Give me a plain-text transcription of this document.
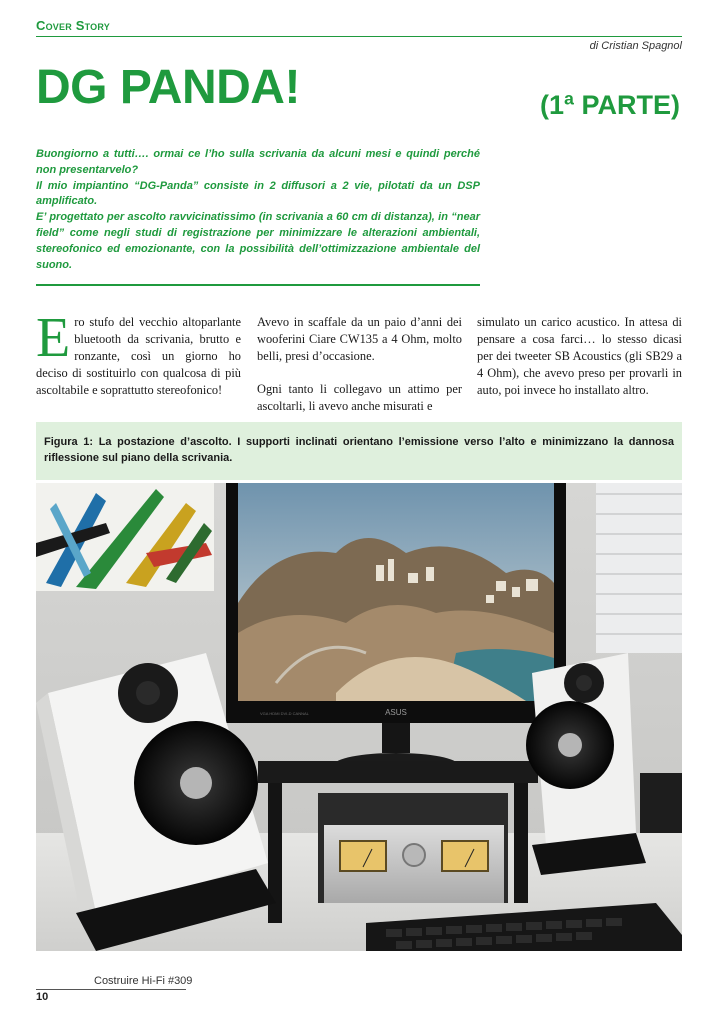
Cover Story
di Cristian Spagnol
DG PANDA!	(1ª PARTE)

Buongiorno a tutti…. ormai ce l’ho sulla scrivania da alcuni mesi e quindi perché non presentarvelo?

Il mio impiantino “DG-Panda” consiste in 2 diffusori a 2 vie, pilotati da un DSP amplificato.

E’ progettato per ascolto ravvicinatissimo (in scrivania a 60 cm di distanza), in “near field” come negli studi di registrazione per minimizzare le alterazioni ambientali, stereofonico ed emozionante, con la possibilità dell’ottimizzazione ambientale del suono.

Ero stufo del vecchio altoparlante bluetooth da scrivania, brutto e ronzante, così un giorno ho deciso di sostituirlo con qualcosa di più ascoltabile e soprattutto stereofonico!

Avevo in scaffale da un paio d’anni dei wooferini Ciare CW135 a 4 Ohm, molto belli, presi d’occasione.

Ogni tanto li collegavo un attimo per ascoltarli, li avevo anche misurati e

simulato un carico acustico. In attesa di pensare a cosa farci… lo stesso dicasi per dei tweeter SB Acoustics (gli SB29 a 4 Ohm), che avevo preso per provarli in auto, poi invece ho installato altro.

Figura 1: La postazione d’ascolto. I supporti inclinati orientano l’emissione verso l’alto e minimizzano la dannosa riflessione sul piano della scrivania.
ASUS
VGA HDMI DVI-D CANNAL
Costruire Hi-Fi #309
10
